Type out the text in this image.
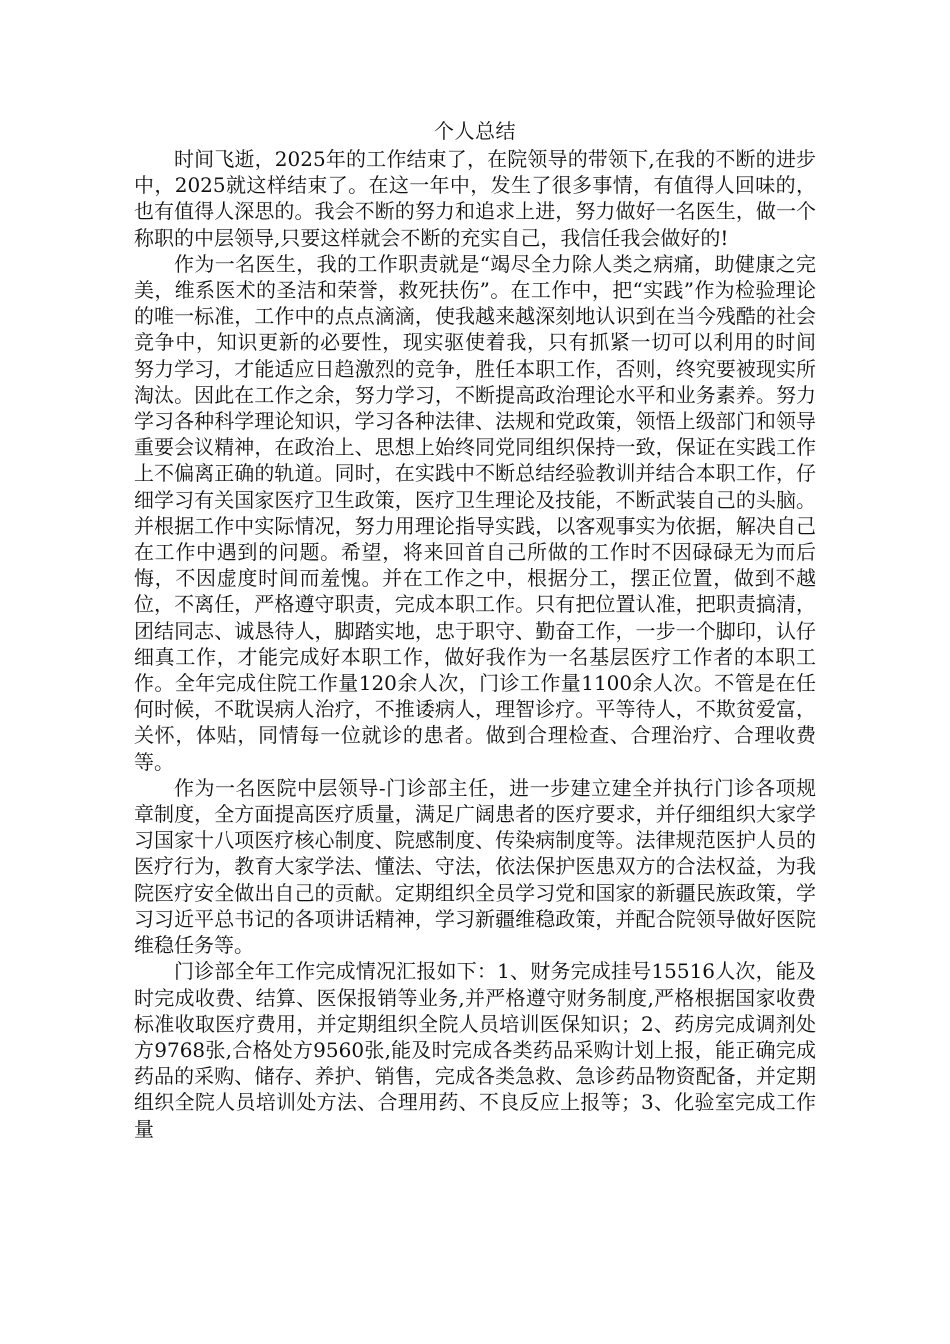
个人总结

时间飞逝，2025年的工作结束了，在院领导的带领下,在我的不断的进步中，2025就这样结束了。在这一年中，发生了很多事情，有值得人回味的，也有值得人深思的。我会不断的努力和追求上进，努力做好一名医生，做一个称职的中层领导,只要这样就会不断的充实自己，我信任我会做好的!

作为一名医生，我的工作职责就是“竭尽全力除人类之病痛，助健康之完美，维系医术的圣洁和荣誉，救死扶伤”。在工作中，把“实践”作为检验理论的唯一标准，工作中的点点滴滴，使我越来越深刻地认识到在当今残酷的社会竞争中，知识更新的必要性，现实驱使着我，只有抓紧一切可以利用的时间 努力学习，才能适应日趋激烈的竞争，胜任本职工作，否则，终究要被现实所淘汰。因此在工作之余，努力学习，不断提高政治理论水平和业务素养。努力学习各种科学理论知识，学习各种法律、法规和党政策，领悟上级部门和领导重要会议精神，在政治上、思想上始终同党同组织保持一致，保证在实践工作上不偏离正确的轨道。同时，在实践中不断总结经验教训并结合本职工作，仔细学习有关国家医疗卫生政策，医疗卫生理论及技能，不断武装自己的头脑。并根据工作中实际情况，努力用理论指导实践，以客观事实为依据，解决自己在工作中遇到的问题。希望，将来回首自己所做的工作时不因碌碌无为而后悔，不因虚度时间而羞愧。并在工作之中，根据分工，摆正位置，做到不越位，不离任，严格遵守职责，完成本职工作。只有把位置认准，把职责搞清，团结同志、诚恳待人，脚踏实地，忠于职守、勤奋工作，一步一个脚印，认仔细真工作，才能完成好本职工作，做好我作为一名基层医疗工作者的本职工作。全年完成住院工作量120余人次，门诊工作量1100余人次。不管是在任何时候，不耽误病人治疗，不推诿病人，理智诊疗。平等待人，不欺贫爱富，关怀，体贴，同情每一位就诊的患者。做到合理检查、合理治疗、合理收费等。

作为一名医院中层领导-门诊部主任，进一步建立建全并执行门诊各项规章制度，全方面提高医疗质量，满足广阔患者的医疗要求，并仔细组织大家学习国家十八项医疗核心制度、院感制度、传染病制度等。法律规范医护人员的医疗行为，教育大家学法、懂法、守法，依法保护医患双方的合法权益，为我院医疗安全做出自己的贡献。定期组织全员学习党和国家的新疆民族政策，学习习近平总书记的各项讲话精神，学习新疆维稳政策，并配合院领导做好医院维稳任务等。

门诊部全年工作完成情况汇报如下：1、财务完成挂号15516人次，能及时完成收费、结算、医保报销等业务,并严格遵守财务制度,严格根据国家收费标准收取医疗费用，并定期组织全院人员培训医保知识；2、药房完成调剂处方9768张,合格处方9560张,能及时完成各类药品采购计划上报，能正确完成药品的采购、储存、养护、销售，完成各类急救、急诊药品物资配备，并定期组织全院人员培训处方法、合理用药、不良反应上报等；3、化验室完成工作量
